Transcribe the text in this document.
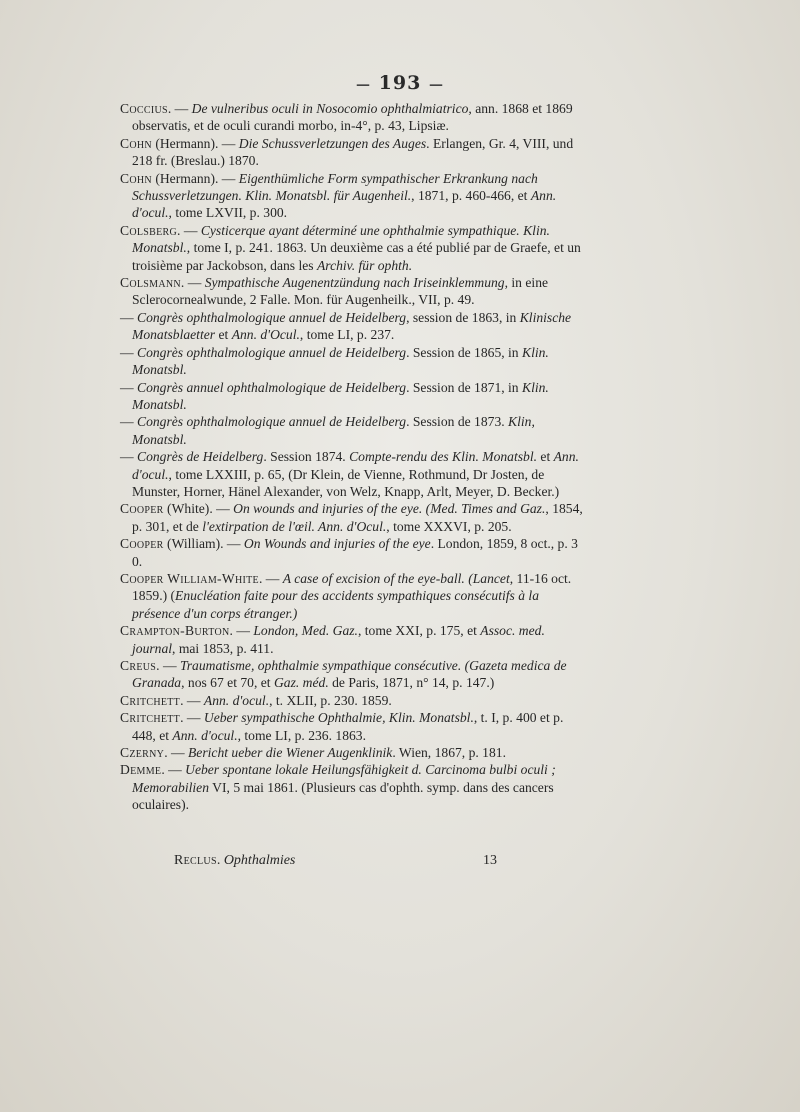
— 193 —
Coccius. — De vulneribus oculi in Nosocomio ophthalmiatrico, ann. 1868 et 1869 observatis, et de oculi curandi morbo, in-4°, p. 43, Lipsiæ.
Cohn (Hermann). — Die Schussverletzungen des Auges. Erlangen, Gr. 4, VIII, und 218 fr. (Breslau.) 1870.
Cohn (Hermann). — Eigenthümliche Form sympathischer Erkrankung nach Schussverletzungen. Klin. Monatsbl. für Augenheil., 1871, p. 460-466, et Ann. d'ocul., tome LXVII, p. 300.
Colsberg. — Cysticerque ayant déterminé une ophthalmie sympathique. Klin. Monatsbl., tome I, p. 241. 1863. Un deuxième cas a été publié par de Graefe, et un troisième par Jackobson, dans les Archiv. für ophth.
Colsmann. — Sympathische Augenentzündung nach Iriseinklemmung, in eine Sclerocornealwunde, 2 Falle. Mon. für Augenheilk., VII, p. 49.
— Congrès ophthalmologique annuel de Heidelberg, session de 1863, in Klinische Monatsblaetter et Ann. d'Ocul., tome LI, p. 237.
— Congrès ophthalmologique annuel de Heidelberg. Session de 1865, in Klin. Monatsbl.
— Congrès annuel ophthalmologique de Heidelberg. Session de 1871, in Klin. Monatsbl.
— Congrès ophthalmologique annuel de Heidelberg. Session de 1873. Klin, Monatsbl.
— Congrès de Heidelberg. Session 1874. Compte-rendu des Klin. Monatsbl. et Ann. d'ocul., tome LXXIII, p. 65, (Dr Klein, de Vienne, Rothmund, Dr Josten, de Munster, Horner, Hänel Alexander, von Welz, Knapp, Arlt, Meyer, D. Becker.)
Cooper (White). — On wounds and injuries of the eye. (Med. Times and Gaz., 1854, p. 301, et de l'extirpation de l'œil. Ann. d'Ocul., tome XXXVI, p. 205.
Cooper (William). — On Wounds and injuries of the eye. London, 1859, 8 oct., p. 3 0.
Cooper William-White. — A case of excision of the eye-ball. (Lancet, 11-16 oct. 1859.) (Enucléation faite pour des accidents sympathiques consécutifs à la présence d'un corps étranger.)
Crampton-Burton. — London, Med. Gaz., tome XXI, p. 175, et Assoc. med. journal, mai 1853, p. 411.
Creus. — Traumatisme, ophthalmie sympathique consécutive. (Gazeta medica de Granada, nos 67 et 70, et Gaz. méd. de Paris, 1871, n° 14, p. 147.)
Critchett. — Ann. d'ocul., t. XLII, p. 230. 1859.
Critchett. — Ueber sympathische Ophthalmie, Klin. Monatsbl., t. I, p. 400 et p. 448, et Ann. d'ocul., tome LI, p. 236. 1863.
Czerny. — Bericht ueber die Wiener Augenklinik. Wien, 1867, p. 181.
Demme. — Ueber spontane lokale Heilungsfähigkeit d. Carcinoma bulbi oculi ; Memorabilien VI, 5 mai 1861. (Plusieurs cas d'ophth. symp. dans des cancers oculaires).
Reclus. Ophthalmies	13
